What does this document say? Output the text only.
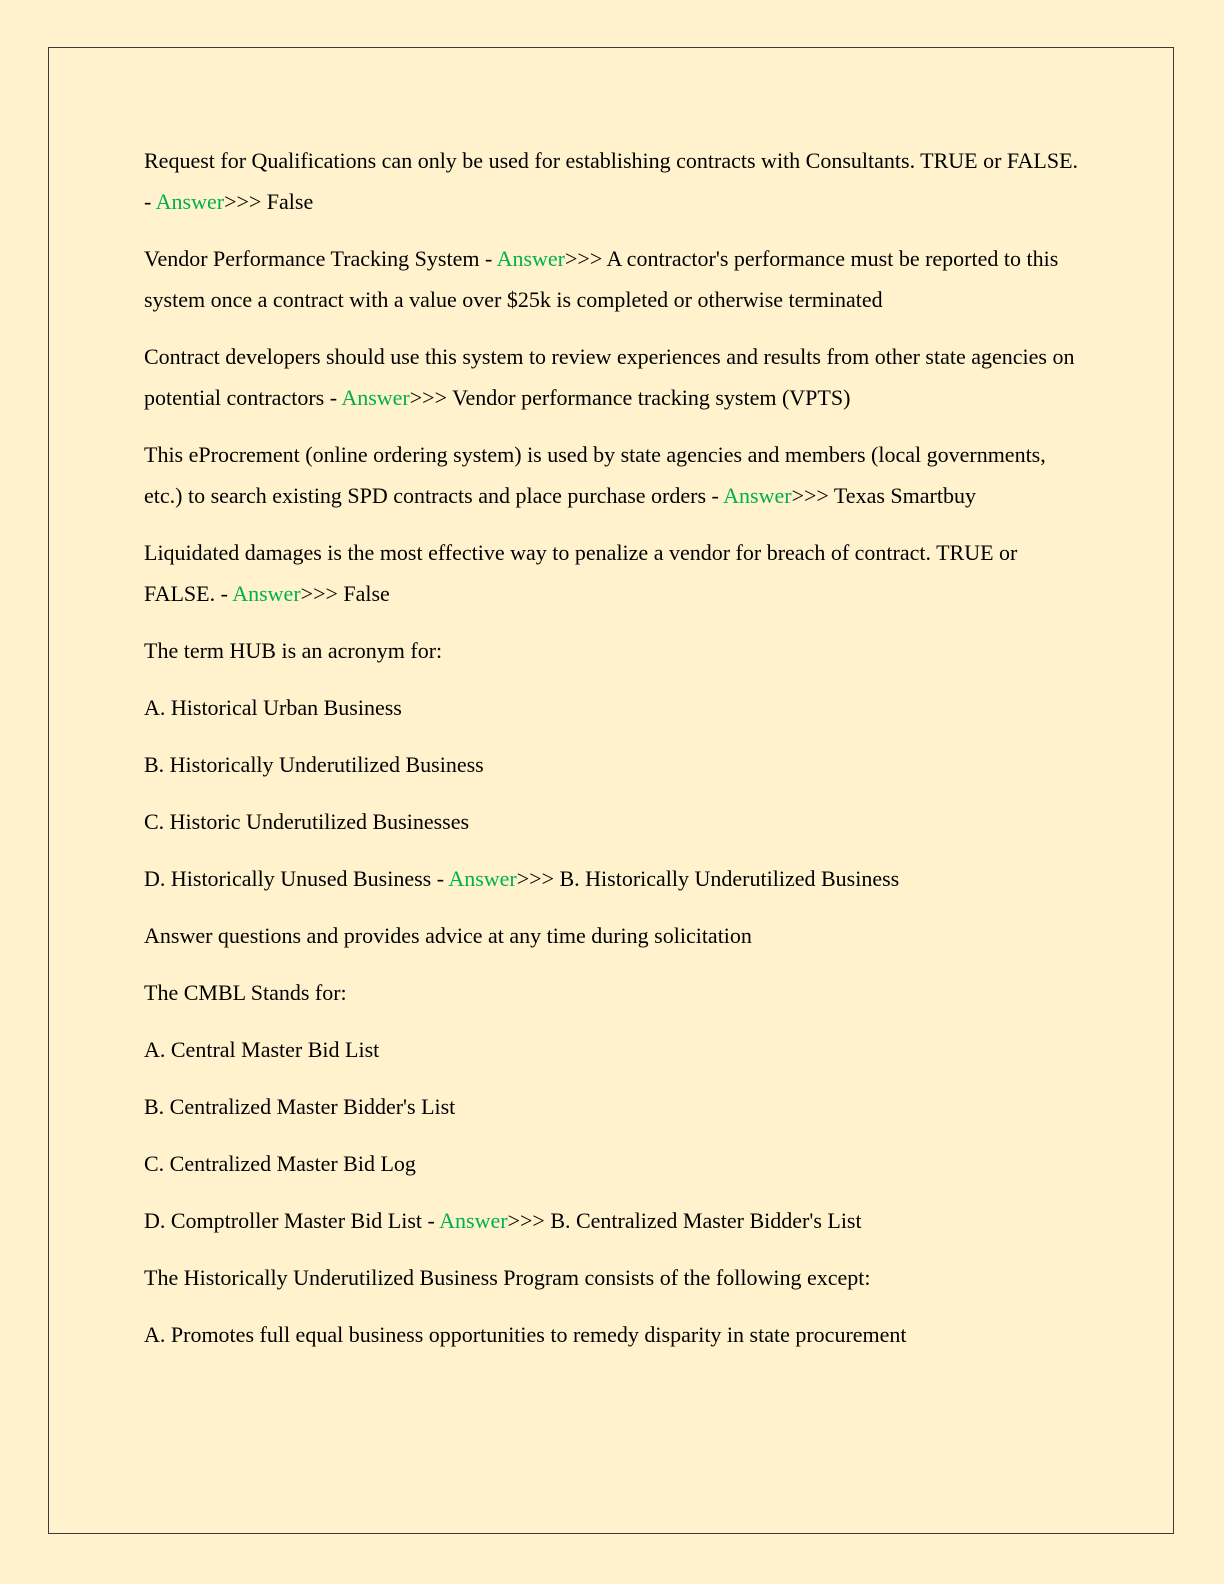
Request for Qualifications can only be used for establishing contracts with Consultants. TRUE or FALSE. - Answer>>> False

Vendor Performance Tracking System - Answer>>> A contractor's performance must be reported to this system once a contract with a value over $25k is completed or otherwise terminated

Contract developers should use this system to review experiences and results from other state agencies on potential contractors - Answer>>> Vendor performance tracking system (VPTS)

This eProcrement (online ordering system) is used by state agencies and members (local governments, etc.) to search existing SPD contracts and place purchase orders - Answer>>> Texas Smartbuy

Liquidated damages is the most effective way to penalize a vendor for breach of contract. TRUE or FALSE. - Answer>>> False

The term HUB is an acronym for:

A. Historical Urban Business

B. Historically Underutilized Business

C. Historic Underutilized Businesses

D. Historically Unused Business - Answer>>> B. Historically Underutilized Business

Answer questions and provides advice at any time during solicitation

The CMBL Stands for:

A. Central Master Bid List

B. Centralized Master Bidder's List

C. Centralized Master Bid Log

D. Comptroller Master Bid List - Answer>>> B. Centralized Master Bidder's List

The Historically Underutilized Business Program consists of the following except:

A. Promotes full equal business opportunities to remedy disparity in state procurement
